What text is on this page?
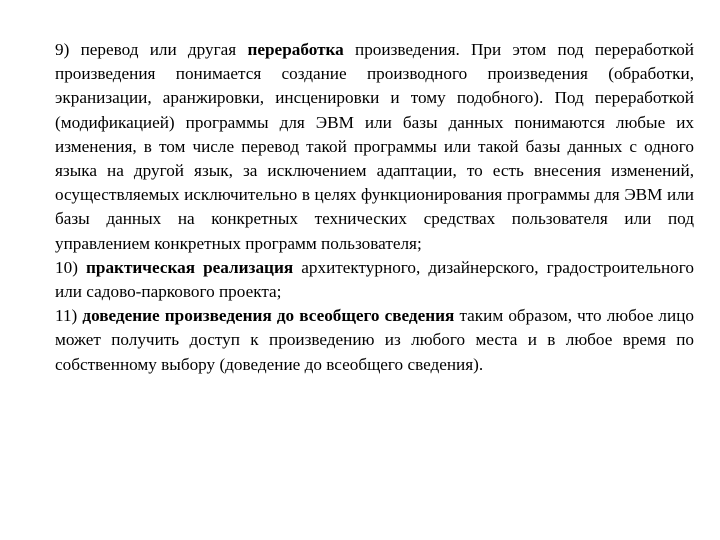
9) перевод или другая переработка произведения. При этом под переработкой произведения понимается создание производного произведения (обработки, экранизации, аранжировки, инсценировки и тому подобного). Под переработкой (модификацией) программы для ЭВМ или базы данных понимаются любые их изменения, в том числе перевод такой программы или такой базы данных с одного языка на другой язык, за исключением адаптации, то есть внесения изменений, осуществляемых исключительно в целях функционирования программы для ЭВМ или базы данных на конкретных технических средствах пользователя или под управлением конкретных программ пользователя;

10) практическая реализация архитектурного, дизайнерского, градостроительного или садово-паркового проекта;

11) доведение произведения до всеобщего сведения таким образом, что любое лицо может получить доступ к произведению из любого места и в любое время по собственному выбору (доведение до всеобщего сведения).
